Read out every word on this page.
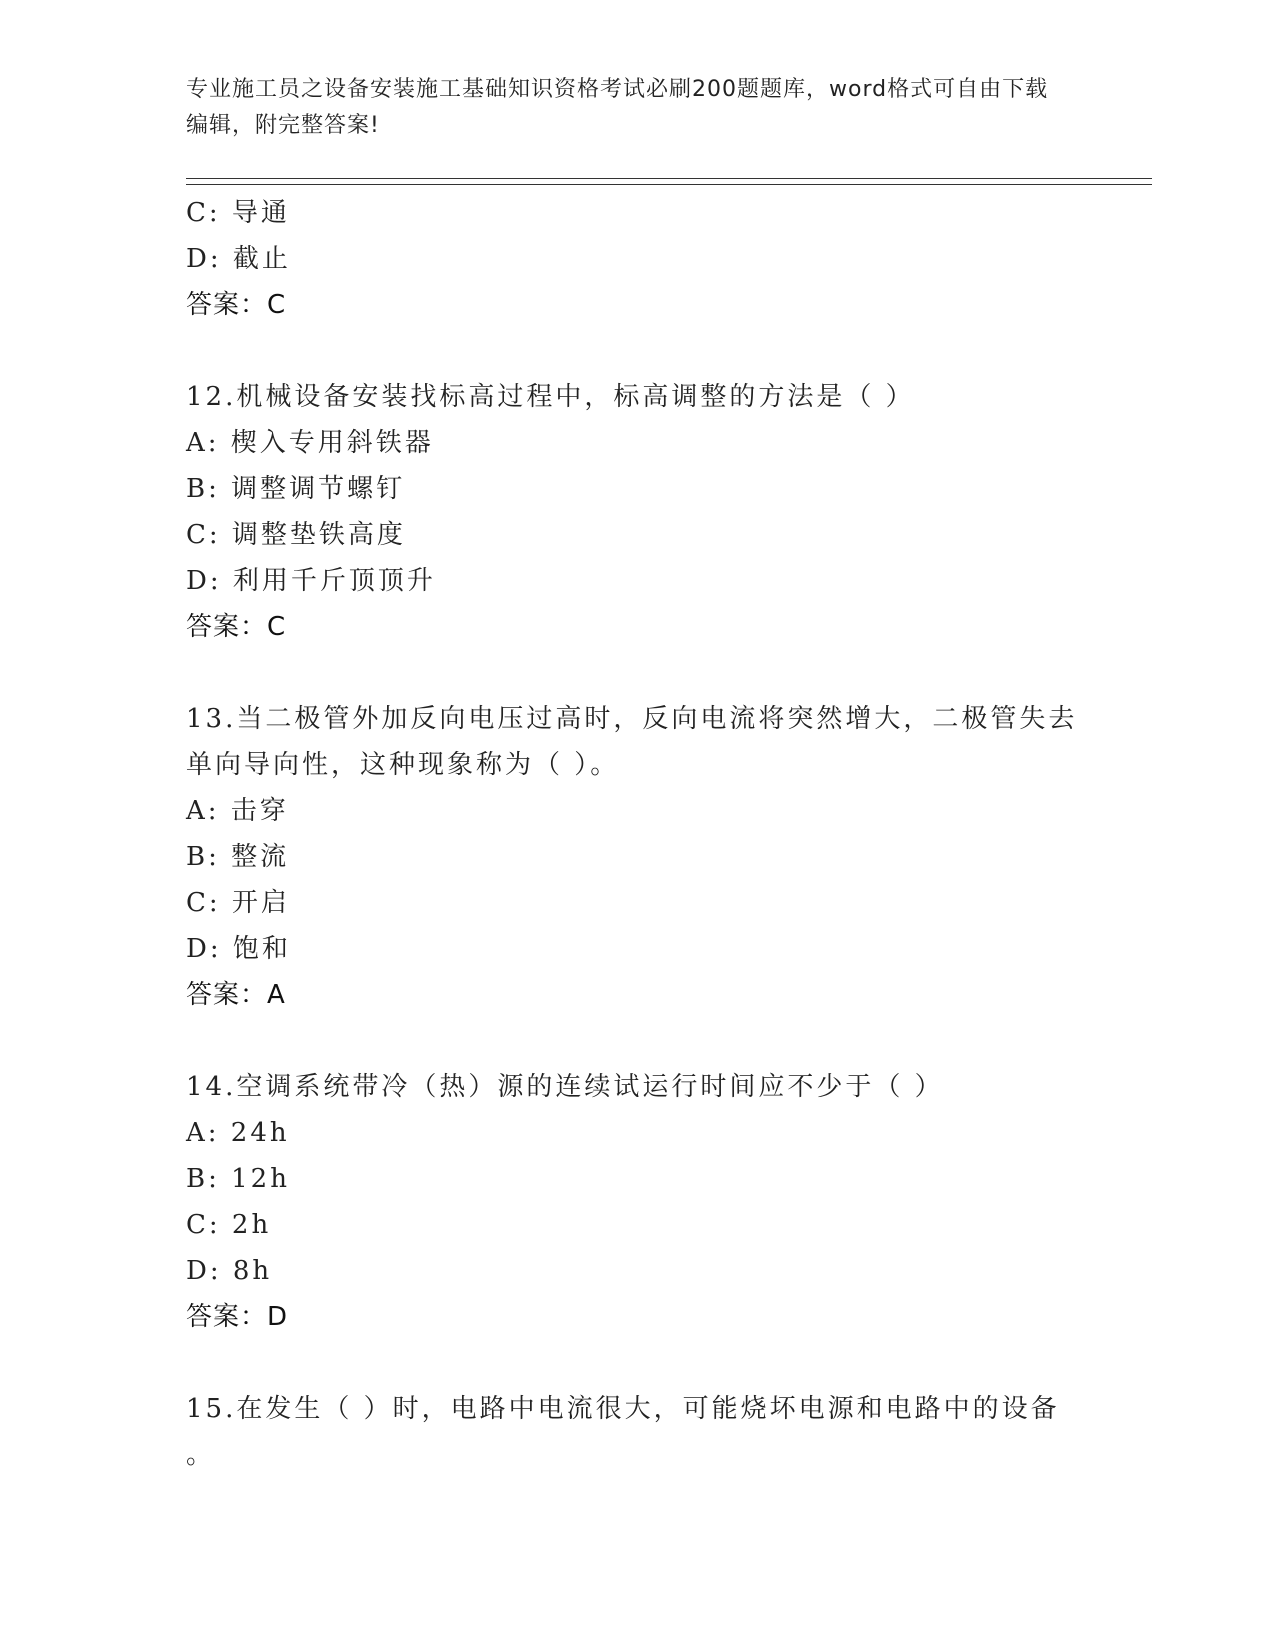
专业施工员之设备安装施工基础知识资格考试必刷200题题库，word格式可自由下载编辑，附完整答案!
C: 导通
D: 截止
答案：C
12.机械设备安装找标高过程中，标高调整的方法是（ ）
A: 楔入专用斜铁器
B: 调整调节螺钉
C: 调整垫铁高度
D: 利用千斤顶顶升
答案：C
13.当二极管外加反向电压过高时，反向电流将突然增大，二极管失去
单向导向性，这种现象称为（ ）。
A: 击穿
B: 整流
C: 开启
D: 饱和
答案：A
14.空调系统带冷（热）源的连续试运行时间应不少于（ ）
A: 24h
B: 12h
C: 2h
D: 8h
答案：D
15.在发生（ ）时，电路中电流很大，可能烧坏电源和电路中的设备
。
